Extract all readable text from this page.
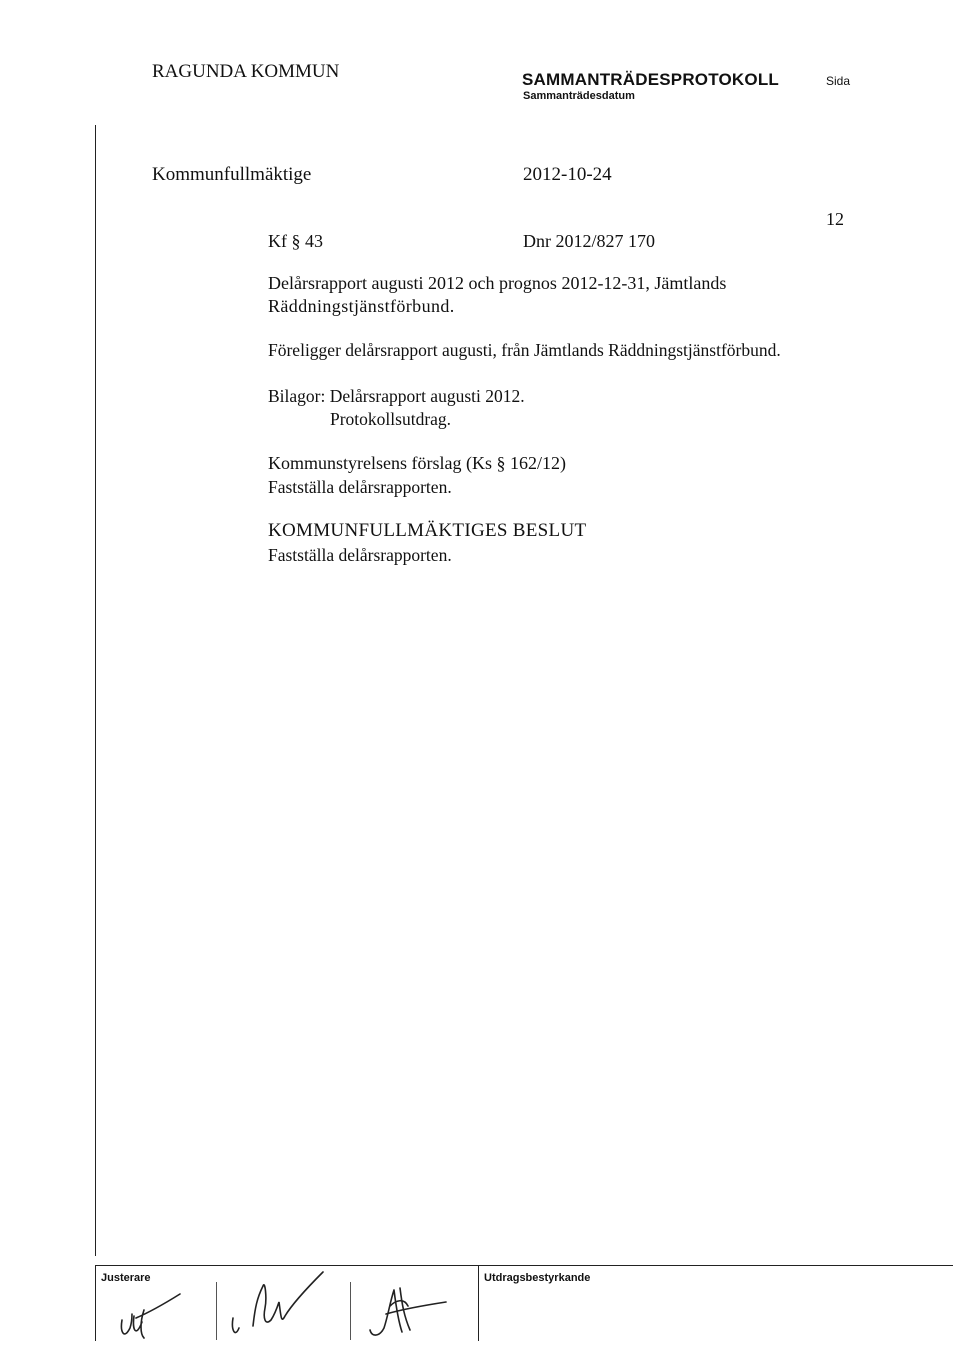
RAGUNDA KOMMUN	SAMMANTRÄDESPROTOKOLL
Sammanträdesdatum
Sida
Kommunfullmäktige	2012-10-24
12
Kf § 43	Dnr 2012/827 170
Delårsrapport augusti 2012 och prognos 2012-12-31, Jämtlands
Räddningstjänstförbund.
Föreligger delårsrapport augusti, från Jämtlands Räddningstjänstförbund.
Bilagor: Delårsrapport augusti 2012.
Protokollsutdrag.
Kommunstyrelsens förslag (Ks § 162/12)
Fastställa delårsrapporten.
KOMMUNFULLMÄKTIGES BESLUT
Fastställa delårsrapporten.
Justerare	Utdragsbestyrkande
